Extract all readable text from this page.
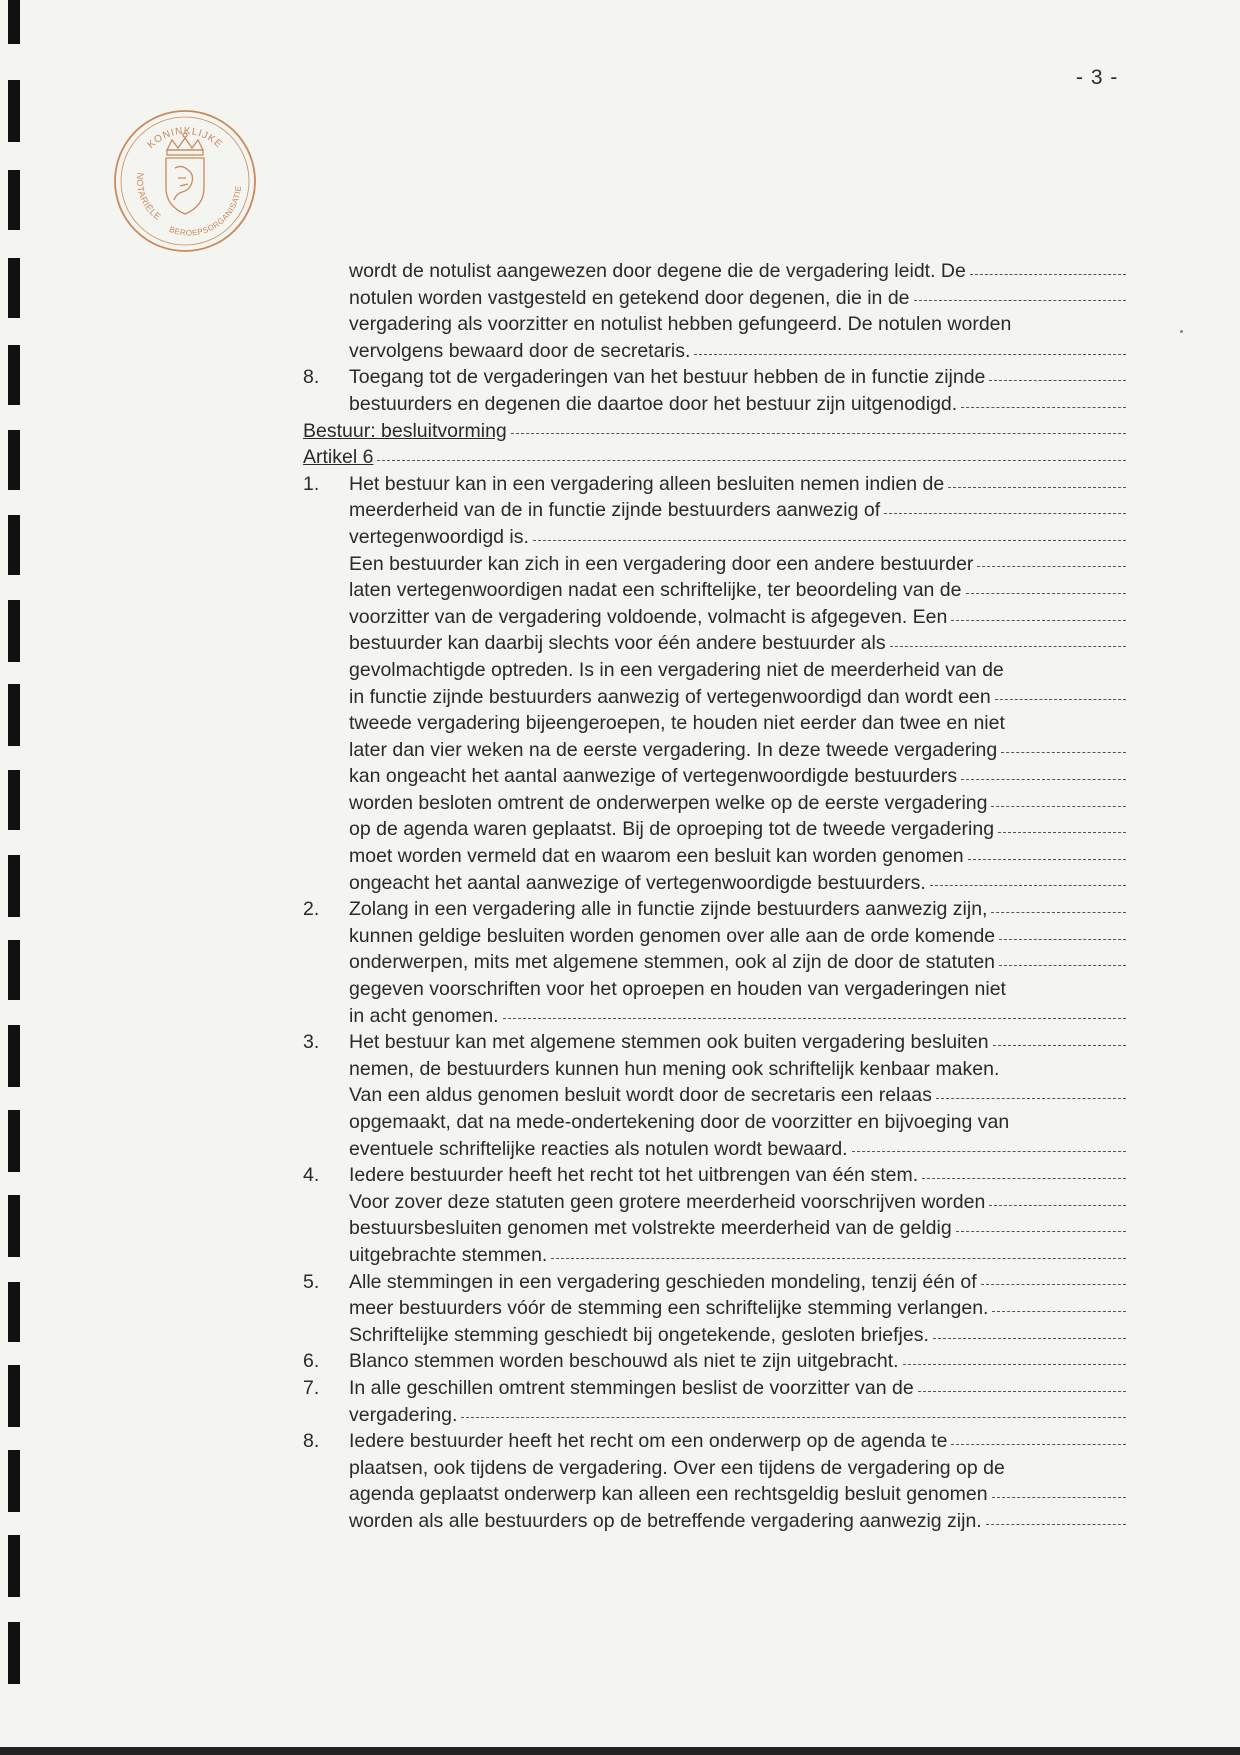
- 3 -
KONINKLIJKE
NOTARIËLE
BEROEPSORGANISATIE
wordt de notulist aangewezen door degene die de vergadering leidt. De
notulen worden vastgesteld en getekend door degenen, die in de
vergadering als voorzitter en notulist hebben gefungeerd. De notulen worden
vervolgens bewaard door de secretaris.
8.	Toegang tot de vergaderingen van het bestuur hebben de in functie zijnde
bestuurders en degenen die daartoe door het bestuur zijn uitgenodigd.
Bestuur: besluitvorming
Artikel 6
1.	Het bestuur kan in een vergadering alleen besluiten nemen indien de
meerderheid van de in functie zijnde bestuurders aanwezig of
vertegenwoordigd is.
Een bestuurder kan zich in een vergadering door een andere bestuurder
laten vertegenwoordigen nadat een schriftelijke, ter beoordeling van de
voorzitter van de vergadering voldoende, volmacht is afgegeven. Een
bestuurder kan daarbij slechts voor één andere bestuurder als
gevolmachtigde optreden. Is in een vergadering niet de meerderheid van de
in functie zijnde bestuurders aanwezig of vertegenwoordigd dan wordt een
tweede vergadering bijeengeroepen, te houden niet eerder dan twee en niet
later dan vier weken na de eerste vergadering. In deze tweede vergadering
kan ongeacht het aantal aanwezige of vertegenwoordigde bestuurders
worden besloten omtrent de onderwerpen welke op de eerste vergadering
op de agenda waren geplaatst. Bij de oproeping tot de tweede vergadering
moet worden vermeld dat en waarom een besluit kan worden genomen
ongeacht het aantal aanwezige of vertegenwoordigde bestuurders.
2.	Zolang in een vergadering alle in functie zijnde bestuurders aanwezig zijn,
kunnen geldige besluiten worden genomen over alle aan de orde komende
onderwerpen, mits met algemene stemmen, ook al zijn de door de statuten
gegeven voorschriften voor het oproepen en houden van vergaderingen niet
in acht genomen.
3.	Het bestuur kan met algemene stemmen ook buiten vergadering besluiten
nemen, de bestuurders kunnen hun mening ook schriftelijk kenbaar maken.
Van een aldus genomen besluit wordt door de secretaris een relaas
opgemaakt, dat na mede-ondertekening door de voorzitter en bijvoeging van
eventuele schriftelijke reacties als notulen wordt bewaard.
4.	Iedere bestuurder heeft het recht tot het uitbrengen van één stem.
Voor zover deze statuten geen grotere meerderheid voorschrijven worden
bestuursbesluiten genomen met volstrekte meerderheid van de geldig
uitgebrachte stemmen.
5.	Alle stemmingen in een vergadering geschieden mondeling, tenzij één of
meer bestuurders vóór de stemming een schriftelijke stemming verlangen.
Schriftelijke stemming geschiedt bij ongetekende, gesloten briefjes.
6.	Blanco stemmen worden beschouwd als niet te zijn uitgebracht.
7.	In alle geschillen omtrent stemmingen beslist de voorzitter van de
vergadering.
8.	Iedere bestuurder heeft het recht om een onderwerp op de agenda te
plaatsen, ook tijdens de vergadering. Over een tijdens de vergadering op de
agenda geplaatst onderwerp kan alleen een rechtsgeldig besluit genomen
worden als alle bestuurders op de betreffende vergadering aanwezig zijn.
